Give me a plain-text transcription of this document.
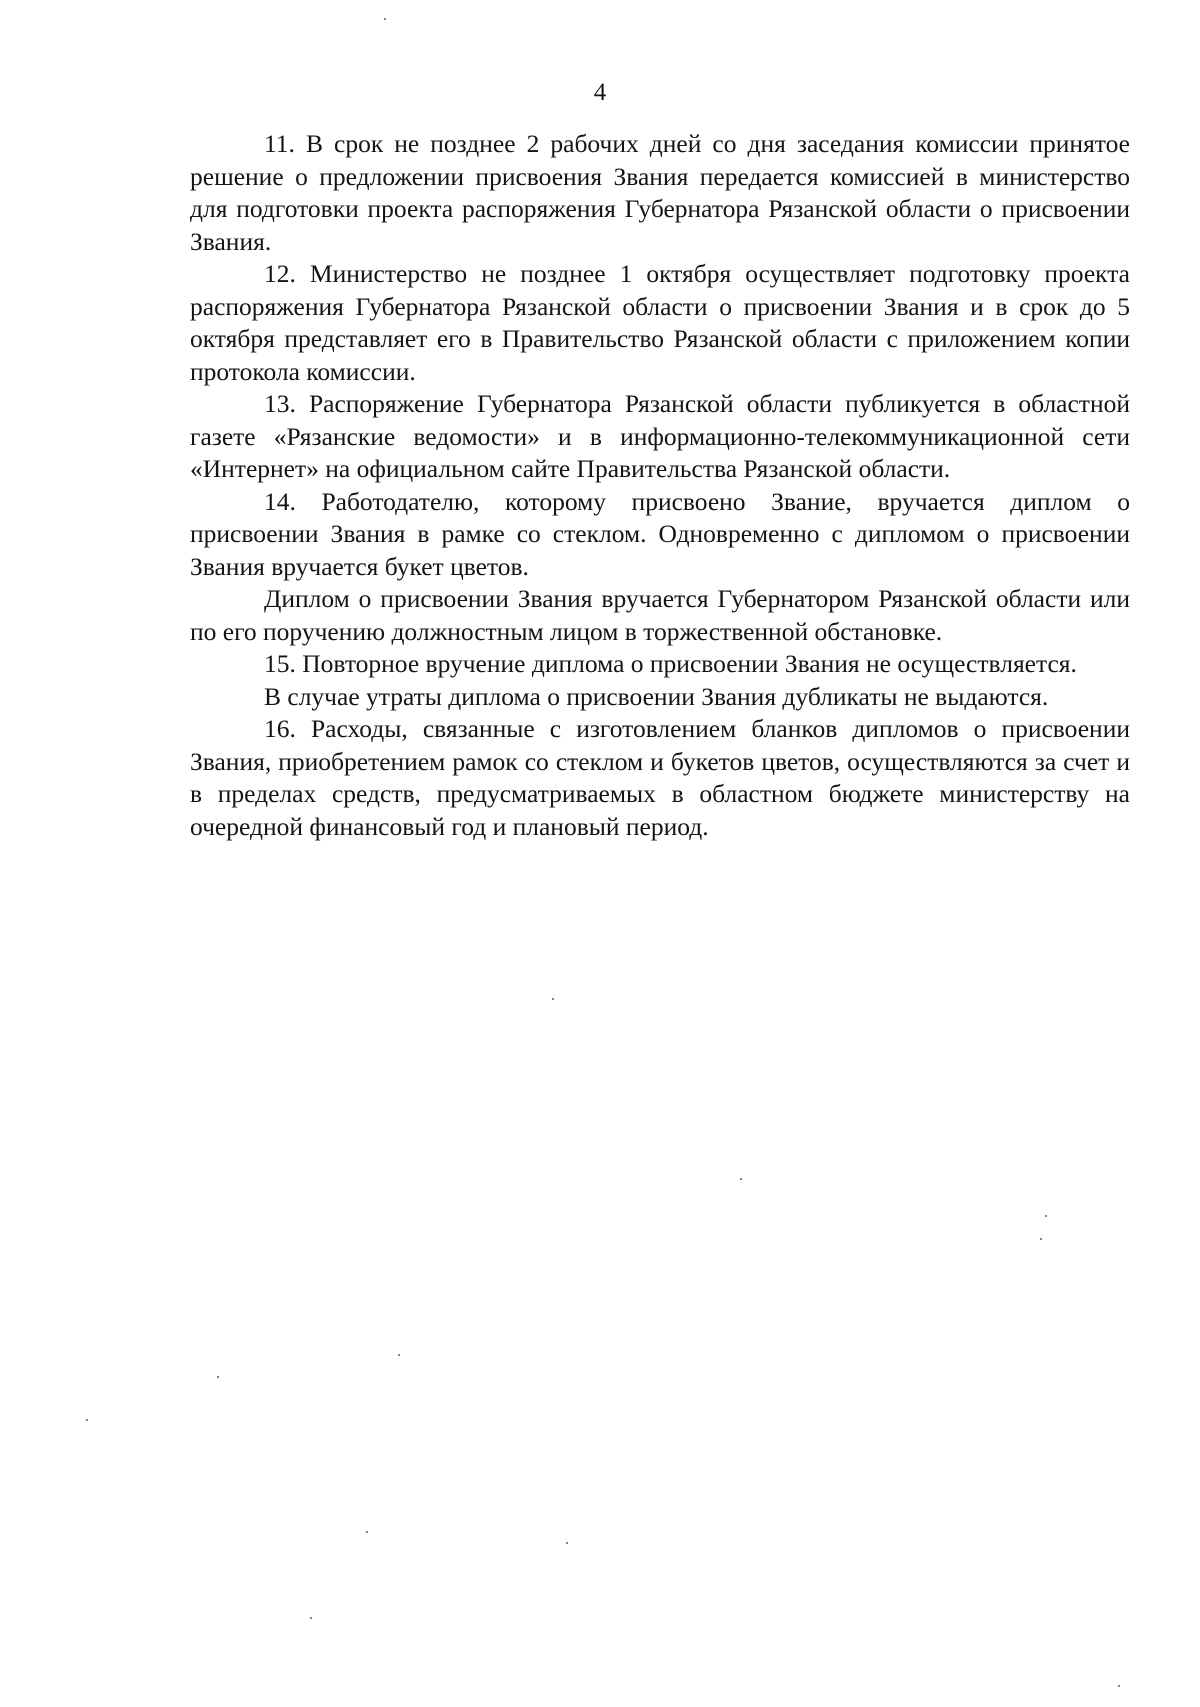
4

11. В срок не позднее 2 рабочих дней со дня заседания комиссии принятое решение о предложении присвоения Звания передается комиссией в министерство для подготовки проекта распоряжения Губернатора Рязанской области о присвоении Звания.

12. Министерство не позднее 1 октября осуществляет подготовку проекта распоряжения Губернатора Рязанской области о присвоении Звания и в срок до 5 октября представляет его в Правительство Рязанской области с приложением копии протокола комиссии.

13. Распоряжение Губернатора Рязанской области публикуется в областной газете «Рязанские ведомости» и в информационно-телекоммуникационной сети «Интернет» на официальном сайте Правительства Рязанской области.

14. Работодателю, которому присвоено Звание, вручается диплом о присвоении Звания в рамке со стеклом. Одновременно с дипломом о присвоении Звания вручается букет цветов.

Диплом о присвоении Звания вручается Губернатором Рязанской области или по его поручению должностным лицом в торжественной обстановке.

15. Повторное вручение диплома о присвоении Звания не осуществляется.

В случае утраты диплома о присвоении Звания дубликаты не выдаются.

16. Расходы, связанные с изготовлением бланков дипломов о присвоении Звания, приобретением рамок со стеклом и букетов цветов, осуществляются за счет и в пределах средств, предусматриваемых в областном бюджете министерству на очередной финансовый год и плановый период.
